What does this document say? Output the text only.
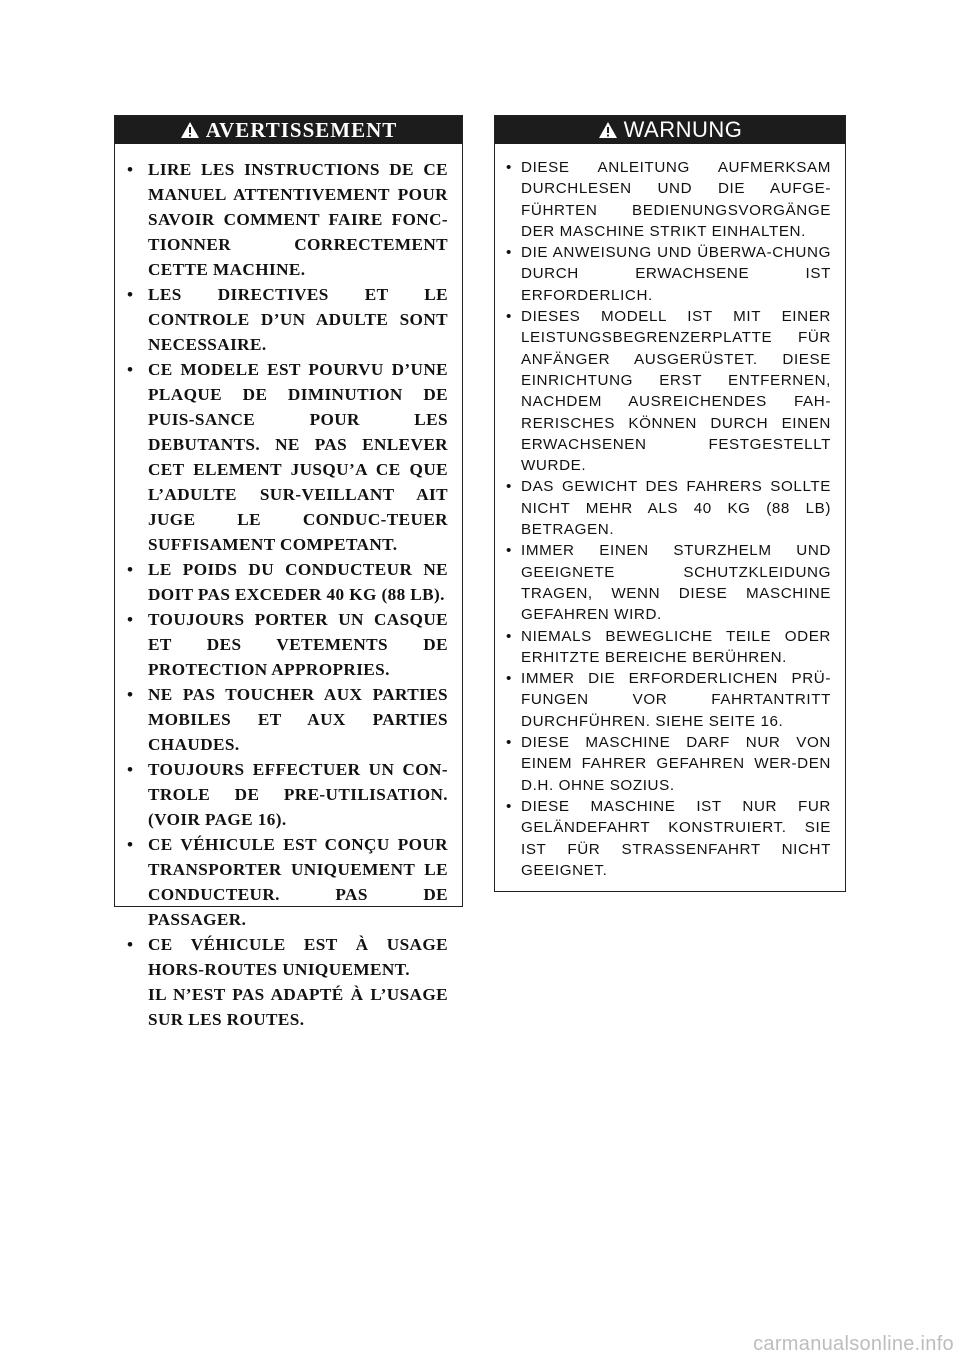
AVERTISSEMENT
• LIRE LES INSTRUCTIONS DE CE MANUEL ATTENTIVEMENT POUR SAVOIR COMMENT FAIRE FONC-TIONNER CORRECTEMENT CETTE MACHINE.
• LES DIRECTIVES ET LE CONTROLE D’UN ADULTE SONT NECESSAIRE.
• CE MODELE EST POURVU D’UNE PLAQUE DE DIMINUTION DE PUIS-SANCE POUR LES DEBUTANTS. NE PAS ENLEVER CET ELEMENT JUSQU’A CE QUE L’ADULTE SUR-VEILLANT AIT JUGE LE CONDUC-TEUER SUFFISAMENT COMPETANT.
• LE POIDS DU CONDUCTEUR NE DOIT PAS EXCEDER 40 KG (88 LB).
• TOUJOURS PORTER UN CASQUE ET DES VETEMENTS DE PROTECTION APPROPRIES.
• NE PAS TOUCHER AUX PARTIES MOBILES ET AUX PARTIES CHAUDES.
• TOUJOURS EFFECTUER UN CON-TROLE DE PRE-UTILISATION. (VOIR PAGE 16).
• CE VÉHICULE EST CONÇU POUR TRANSPORTER UNIQUEMENT LE CONDUCTEUR. PAS DE PASSAGER.
• CE VÉHICULE EST À USAGE HORS-ROUTES UNIQUEMENT.
IL N’EST PAS ADAPTÉ À L’USAGE SUR LES ROUTES.
WARNUNG
• DIESE ANLEITUNG AUFMERKSAM DURCHLESEN UND DIE AUFGE-FÜHRTEN BEDIENUNGSVORGÄNGE DER MASCHINE STRIKT EINHALTEN.
• DIE ANWEISUNG UND ÜBERWA-CHUNG DURCH ERWACHSENE IST ERFORDERLICH.
• DIESES MODELL IST MIT EINER LEISTUNGSBEGRENZERPLATTE FÜR ANFÄNGER AUSGERÜSTET. DIESE EINRICHTUNG ERST ENTFERNEN, NACHDEM AUSREICHENDES FAH-RERISCHES KÖNNEN DURCH EINEN ERWACHSENEN FESTGESTELLT WURDE.
• DAS GEWICHT DES FAHRERS SOLLTE NICHT MEHR ALS 40 KG (88 LB) BETRAGEN.
• IMMER EINEN STURZHELM UND GEEIGNETE SCHUTZKLEIDUNG TRAGEN, WENN DIESE MASCHINE GEFAHREN WIRD.
• NIEMALS BEWEGLICHE TEILE ODER ERHITZTE BEREICHE BERÜHREN.
• IMMER DIE ERFORDERLICHEN PRÜ-FUNGEN VOR FAHRTANTRITT DURCHFÜHREN. SIEHE SEITE 16.
• DIESE MASCHINE DARF NUR VON EINEM FAHRER GEFAHREN WER-DEN D.H. OHNE SOZIUS.
• DIESE MASCHINE IST NUR FUR GELÄNDEFAHRT KONSTRUIERT. SIE IST FÜR STRASSENFAHRT NICHT GEEIGNET.
carmanualsonline.info
